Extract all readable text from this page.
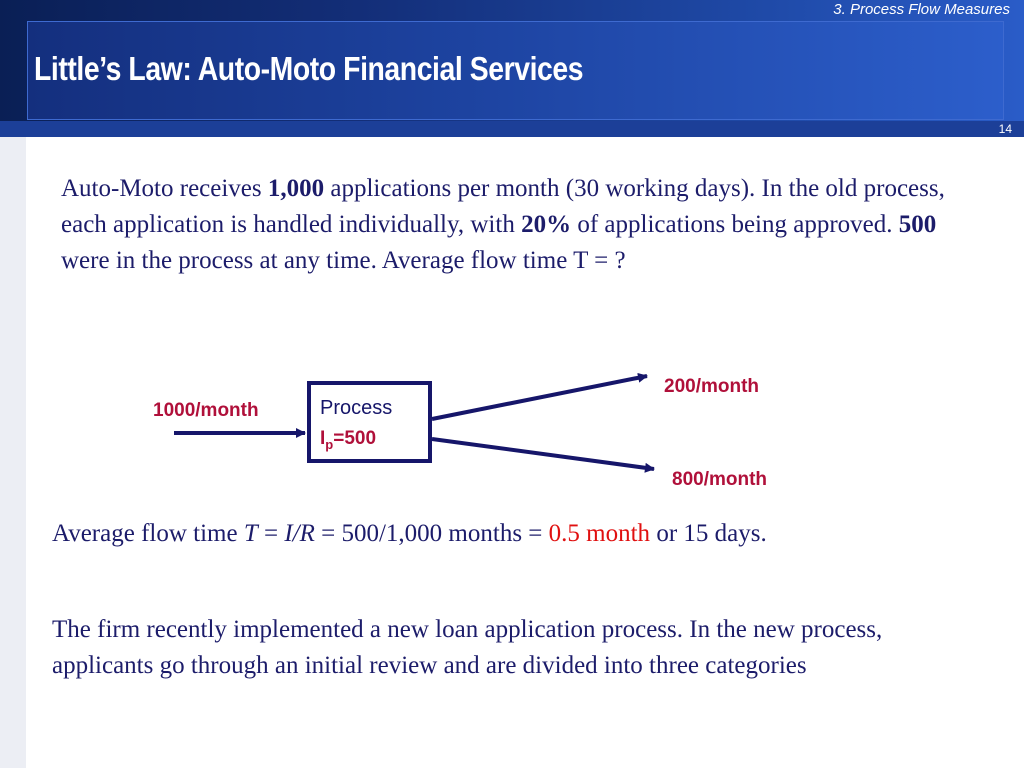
3. Process Flow Measures
Little’s Law: Auto-Moto Financial Services
14
Auto-Moto receives 1,000 applications per month (30 working days). In the old process, each application is handled individually, with 20% of applications being approved. 500 were in the process at any time. Average flow time T = ?
1000/month	Process
$I_p=500$
200/month
800/month
Average flow time T = I/R = 500/1,000 months = 0.5 month or 15 days.
The firm recently implemented a new loan application process. In the new process, applicants go through an initial review and are divided into three categories
